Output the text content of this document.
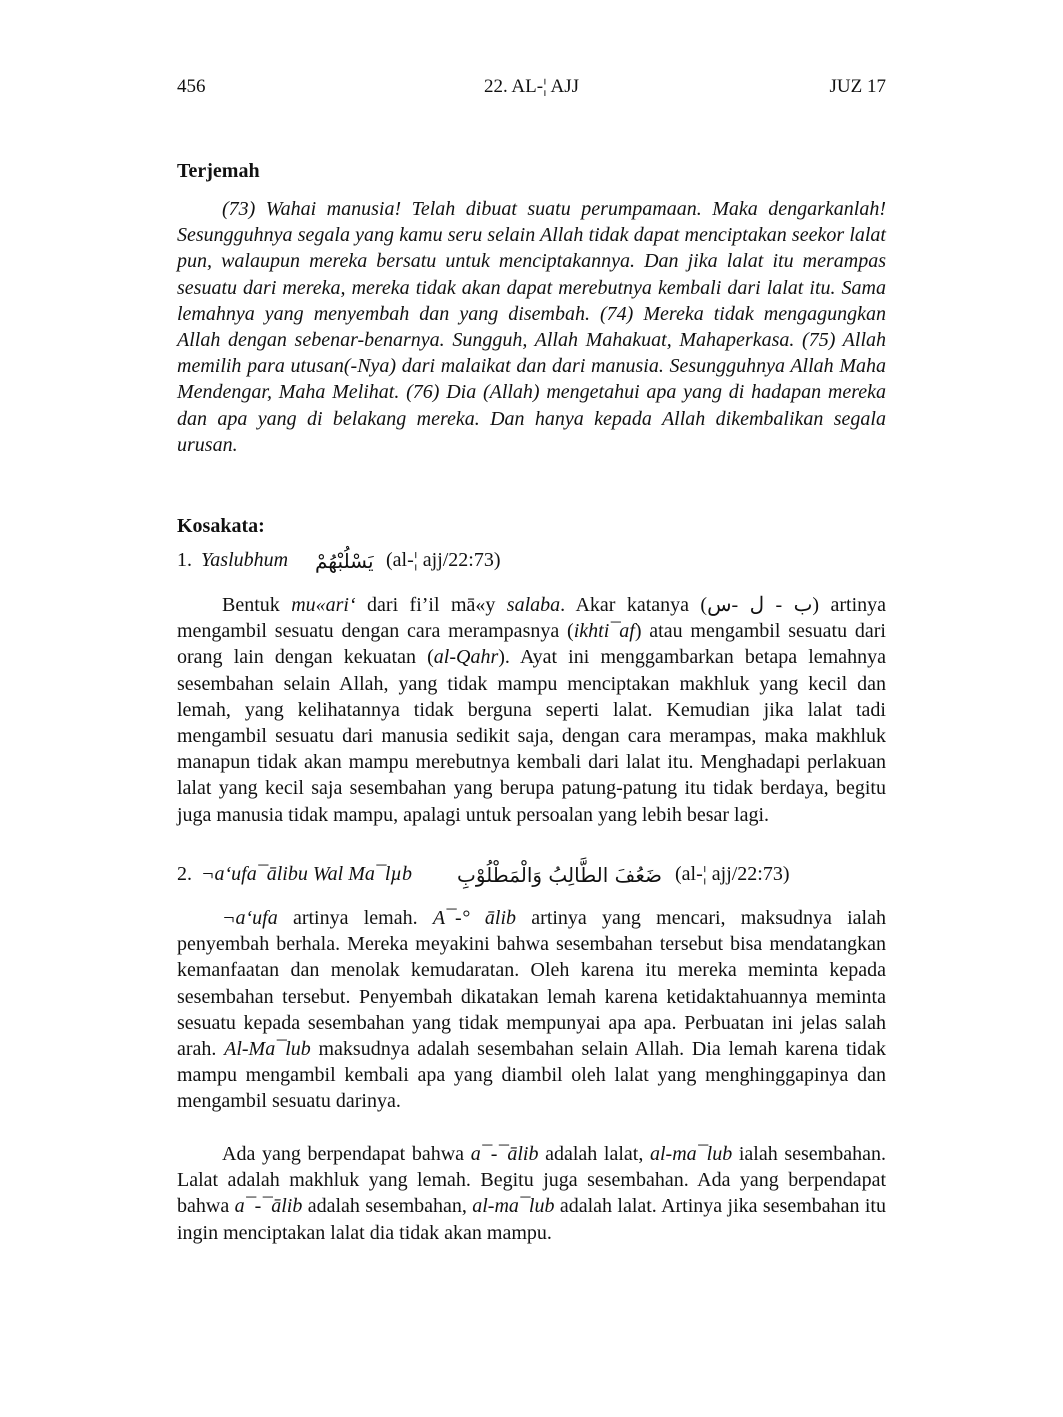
456	22. AL-¦ AJJ	JUZ 17
Terjemah

(73) Wahai manusia! Telah dibuat suatu perumpamaan. Maka dengarkanlah! Sesungguhnya segala yang kamu seru selain Allah tidak dapat menciptakan seekor lalat pun, walaupun mereka bersatu untuk menciptakannya. Dan jika lalat itu merampas sesuatu dari mereka, mereka tidak akan dapat merebutnya kembali dari lalat itu. Sama lemahnya yang menyembah dan yang disembah. (74) Mereka tidak mengagungkan Allah dengan sebenar-benarnya. Sungguh, Allah Mahakuat, Mahaperkasa. (75) Allah memilih para utusan(-Nya) dari malaikat dan dari manusia. Sesungguhnya Allah Maha Mendengar, Maha Melihat. (76) Dia (Allah) mengetahui apa yang di hadapan mereka dan apa yang di belakang mereka. Dan hanya kepada Allah dikembalikan segala urusan.

Kosakata:
1. Yaslubhum يَسْلُبْهُمْ (al-¦ ajj/22:73)

Bentuk mu«ari‘ dari fi’il mā«y salaba. Akar katanya (ب - ل -س) artinya mengambil sesuatu dengan cara merampasnya (ikhti¯af) atau mengambil sesuatu dari orang lain dengan kekuatan (al-Qahr). Ayat ini menggambarkan betapa lemahnya sesembahan selain Allah, yang tidak mampu menciptakan makhluk yang kecil dan lemah, yang kelihatannya tidak berguna seperti lalat. Kemudian jika lalat tadi mengambil sesuatu dari manusia sedikit saja, dengan cara merampas, maka makhluk manapun tidak akan mampu merebutnya kembali dari lalat itu. Menghadapi perlakuan lalat yang kecil saja sesembahan yang berupa patung-patung itu tidak berdaya, begitu juga manusia tidak mampu, apalagi untuk persoalan yang lebih besar lagi.

2. ¬a‘ufa¯ālibu Wal Ma¯lµb ضَعُفَ الطَّالِبُ وَالْمَطْلُوْبِ (al-¦ ajj/22:73)

¬a‘ufa artinya lemah. A¯-° ālib artinya yang mencari, maksudnya ialah penyembah berhala. Mereka meyakini bahwa sesembahan tersebut bisa mendatangkan kemanfaatan dan menolak kemudaratan. Oleh karena itu mereka meminta kepada sesembahan tersebut. Penyembah dikatakan lemah karena ketidaktahuannya meminta sesuatu kepada sesembahan yang tidak mempunyai apa apa. Perbuatan ini jelas salah arah. Al-Ma¯lub maksudnya adalah sesembahan selain Allah. Dia lemah karena tidak mampu mengambil kembali apa yang diambil oleh lalat yang menghinggapinya dan mengambil sesuatu darinya.

Ada yang berpendapat bahwa a¯-¯ālib adalah lalat, al-ma¯lub ialah sesembahan. Lalat adalah makhluk yang lemah. Begitu juga sesembahan. Ada yang berpendapat bahwa a¯-¯ālib adalah sesembahan, al-ma¯lub adalah lalat. Artinya jika sesembahan itu ingin menciptakan lalat dia tidak akan mampu.
